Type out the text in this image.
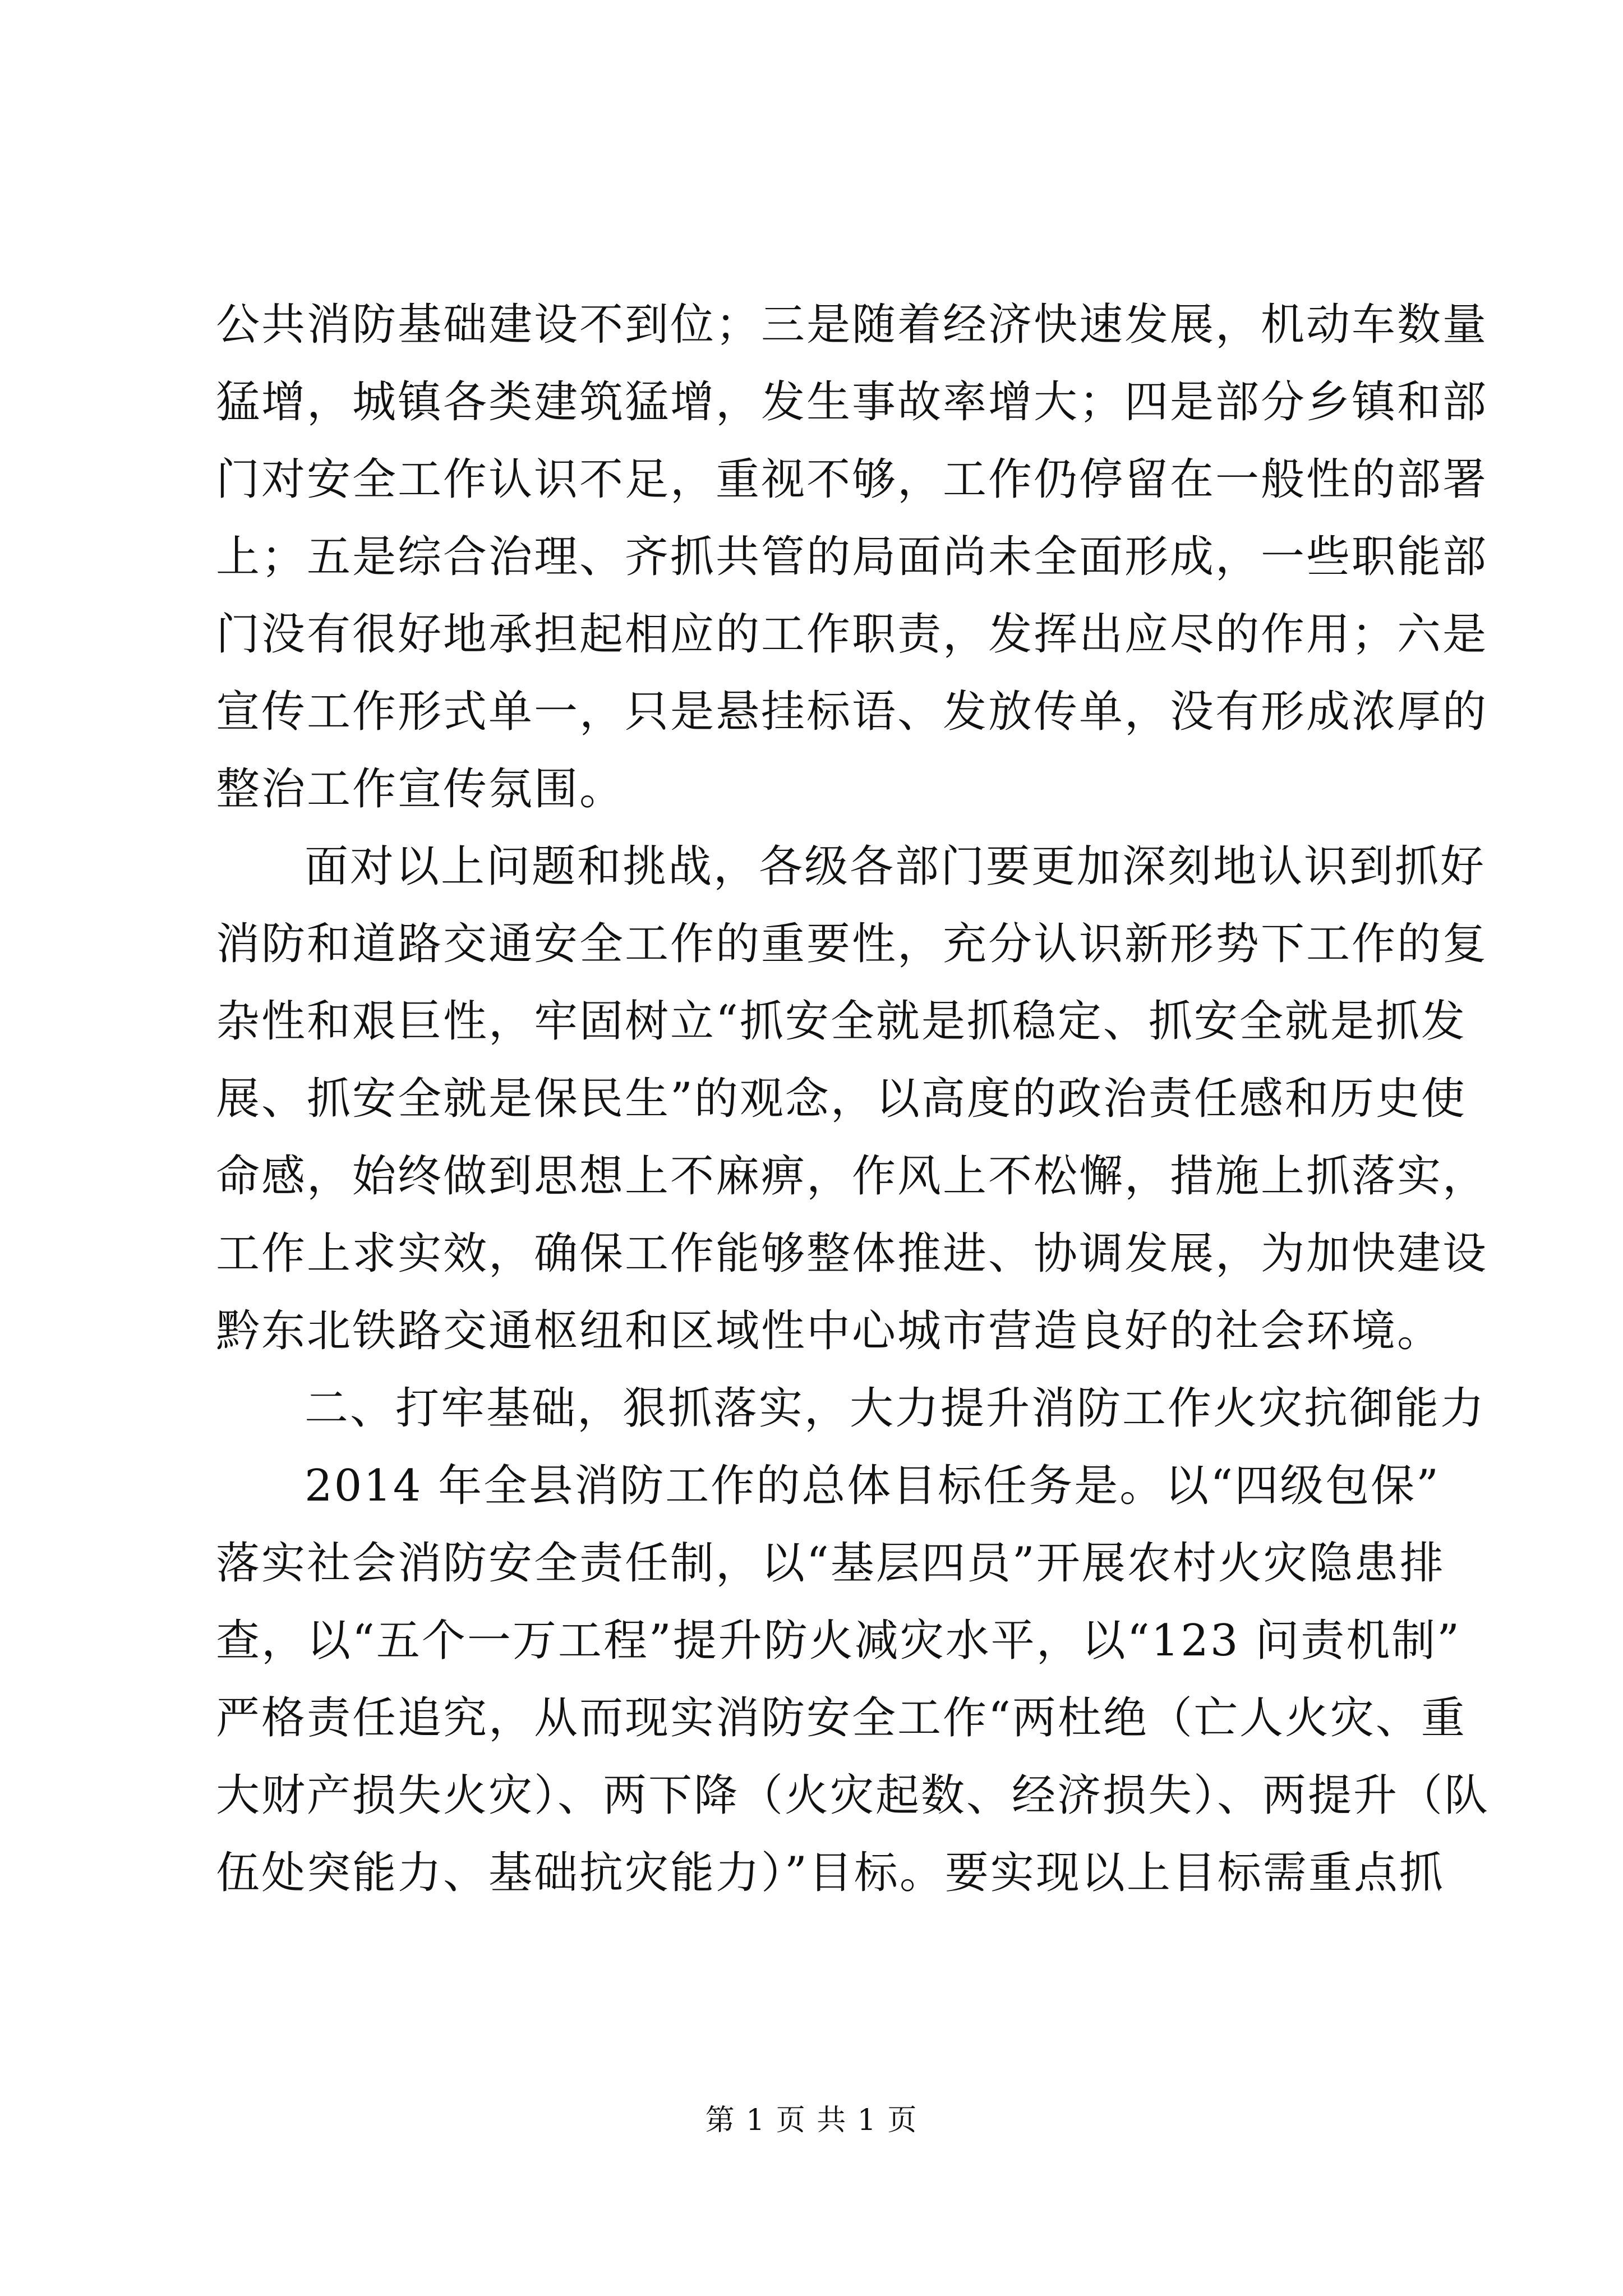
公共消防基础建设不到位；三是随着经济快速发展，机动车数量
猛增，城镇各类建筑猛增，发生事故率增大；四是部分乡镇和部
门对安全工作认识不足，重视不够，工作仍停留在一般性的部署
上；五是综合治理、齐抓共管的局面尚未全面形成，一些职能部
门没有很好地承担起相应的工作职责，发挥出应尽的作用；六是
宣传工作形式单一，只是悬挂标语、发放传单，没有形成浓厚的
整治工作宣传氛围。
面对以上问题和挑战，各级各部门要更加深刻地认识到抓好
消防和道路交通安全工作的重要性，充分认识新形势下工作的复
杂性和艰巨性，牢固树立“抓安全就是抓稳定、抓安全就是抓发
展、抓安全就是保民生”的观念，以高度的政治责任感和历史使
命感，始终做到思想上不麻痹，作风上不松懈，措施上抓落实，
工作上求实效，确保工作能够整体推进、协调发展，为加快建设
黔东北铁路交通枢纽和区域性中心城市营造良好的社会环境。
二、打牢基础，狠抓落实，大力提升消防工作火灾抗御能力
2014 年全县消防工作的总体目标任务是。以“四级包保”
落实社会消防安全责任制，以“基层四员”开展农村火灾隐患排
查，以“五个一万工程”提升防火减灾水平，以“123 问责机制”
严格责任追究，从而现实消防安全工作“两杜绝（亡人火灾、重
大财产损失火灾）、两下降（火灾起数、经济损失）、两提升（队
伍处突能力、基础抗灾能力）”目标。要实现以上目标需重点抓
第 1 页 共 1 页
